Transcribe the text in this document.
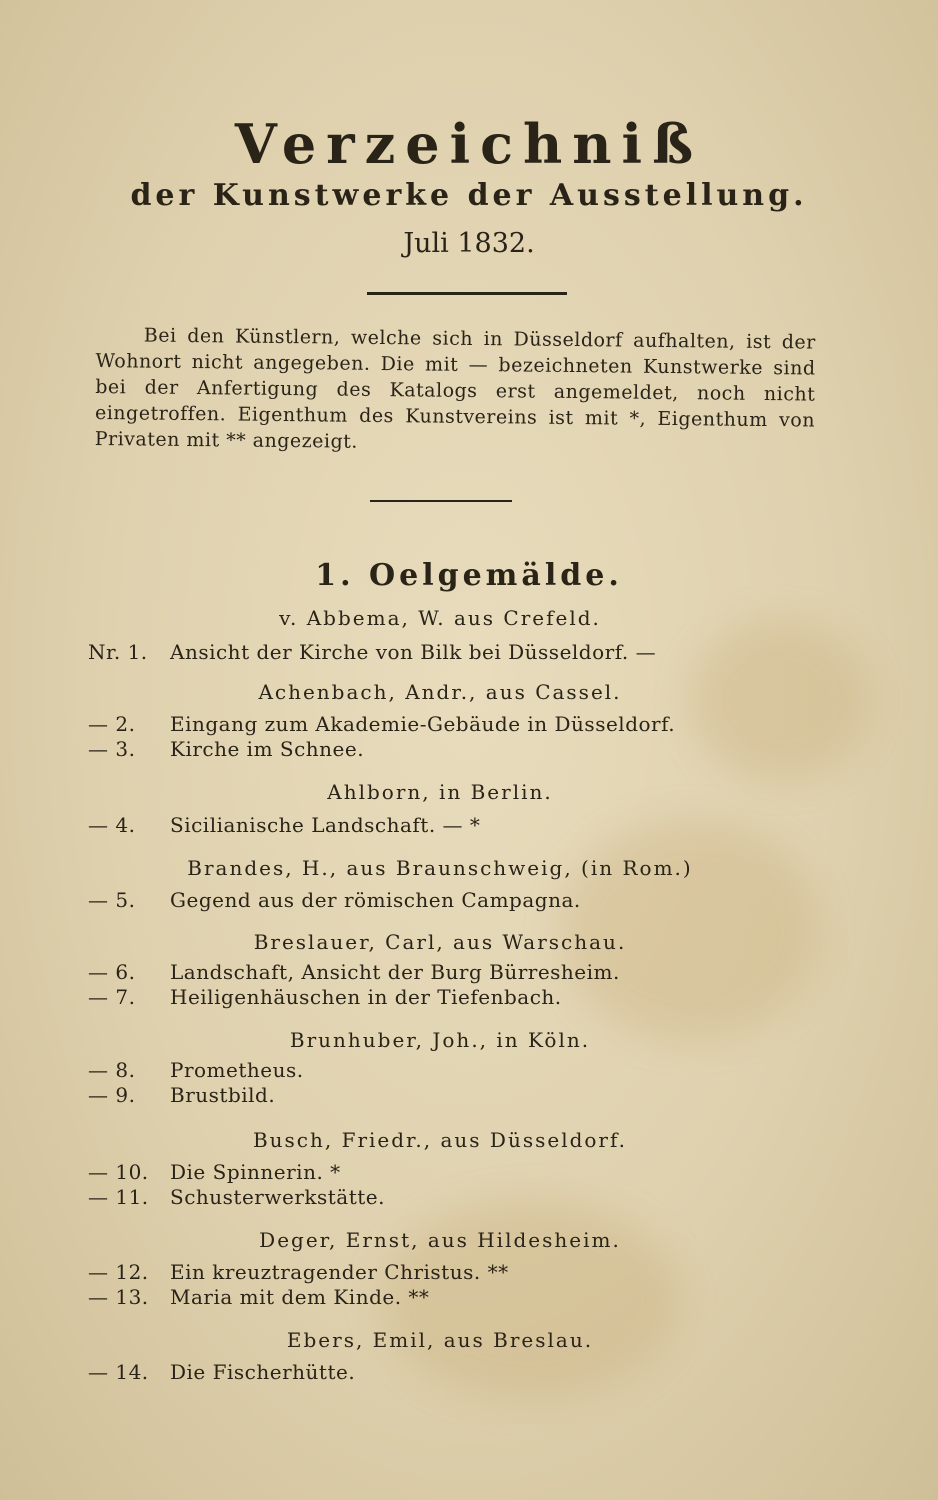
Verzeichniß
der Kunstwerke der Ausstellung.
Juli 1832.
Bei den Künstlern, welche sich in Düsseldorf aufhalten, ist der Wohnort nicht angegeben. Die mit — bezeichneten Kunstwerke sind bei der Anfertigung des Katalogs erst angemeldet, noch nicht eingetroffen. Eigenthum des Kunstvereins ist mit *, Eigenthum von Privaten mit ** angezeigt.
1. Oelgemälde.
v. Abbema, W. aus Crefeld.
Nr. 1. Ansicht der Kirche von Bilk bei Düsseldorf. —
Achenbach, Andr., aus Cassel.
— 2. Eingang zum Akademie-Gebäude in Düsseldorf.
— 3. Kirche im Schnee.
Ahlborn, in Berlin.
— 4. Sicilianische Landschaft. — *
Brandes, H., aus Braunschweig, (in Rom.)
— 5. Gegend aus der römischen Campagna.
Breslauer, Carl, aus Warschau.
— 6. Landschaft, Ansicht der Burg Bürresheim.
— 7. Heiligenhäuschen in der Tiefenbach.
Brunhuber, Joh., in Köln.
— 8. Prometheus.
— 9. Brustbild.
Busch, Friedr., aus Düsseldorf.
— 10. Die Spinnerin. *
— 11. Schusterwerkstätte.
Deger, Ernst, aus Hildesheim.
— 12. Ein kreuztragender Christus. **
— 13. Maria mit dem Kinde. **
Ebers, Emil, aus Breslau.
— 14. Die Fischerhütte.
